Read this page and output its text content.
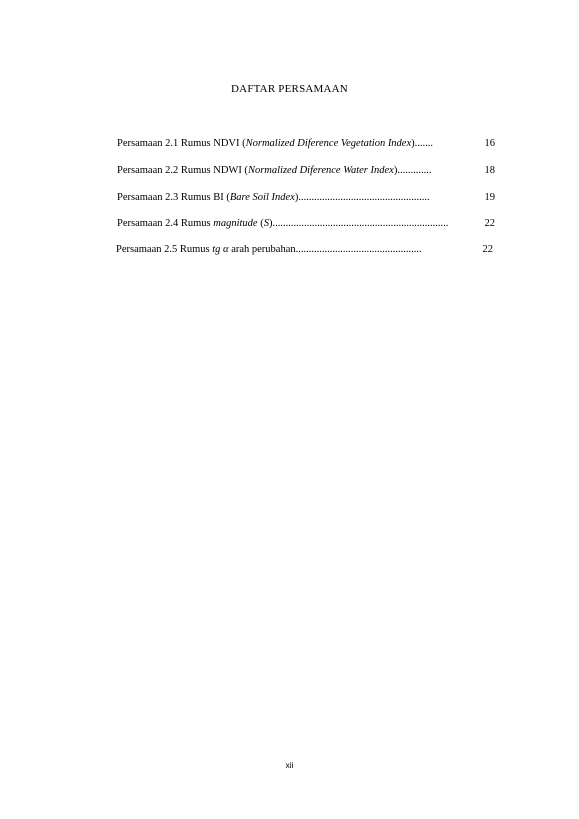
DAFTAR PERSAMAAN
Persamaan 2.1 Rumus NDVI (Normalized Diference Vegetation Index).......	16
Persamaan 2.2 Rumus NDWI (Normalized Diference Water Index).............	18
Persamaan 2.3 Rumus BI (Bare Soil Index)..................................................	19
Persamaan 2.4 Rumus magnitude (S)...................................................................	22
Persamaan 2.5 Rumus tg α arah perubahan................................................	22
xii
